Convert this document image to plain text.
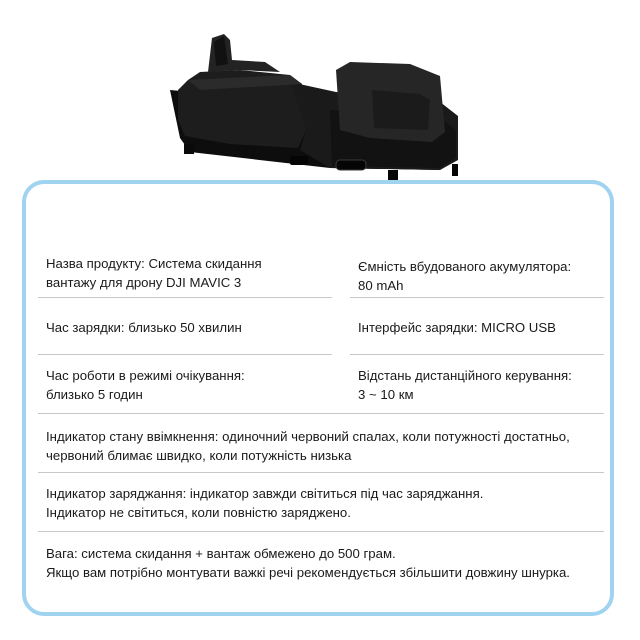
Назва продукту: Система скидання
вантажу для дрону DJI MAVIC 3
Ємність вбудованого акумулятора:
80 mAh
Час зарядки: близько 50 хвилин	Інтерфейс зарядки: MICRO USB
Час роботи в режимі очікування:
близько 5 годин
Відстань дистанційного керування:
3 ~ 10 км
Індикатор стану ввімкнення: одиночний червоний спалах, коли потужності достатньо,
червоний блимає швидко, коли потужність низька
Індикатор заряджання: індикатор завжди світиться під час заряджання.
Індикатор не світиться, коли повністю заряджено.
Вага: система скидання + вантаж обмежено до 500 грам.
Якщо вам потрібно монтувати важкі речі рекомендується збільшити довжину шнурка.
